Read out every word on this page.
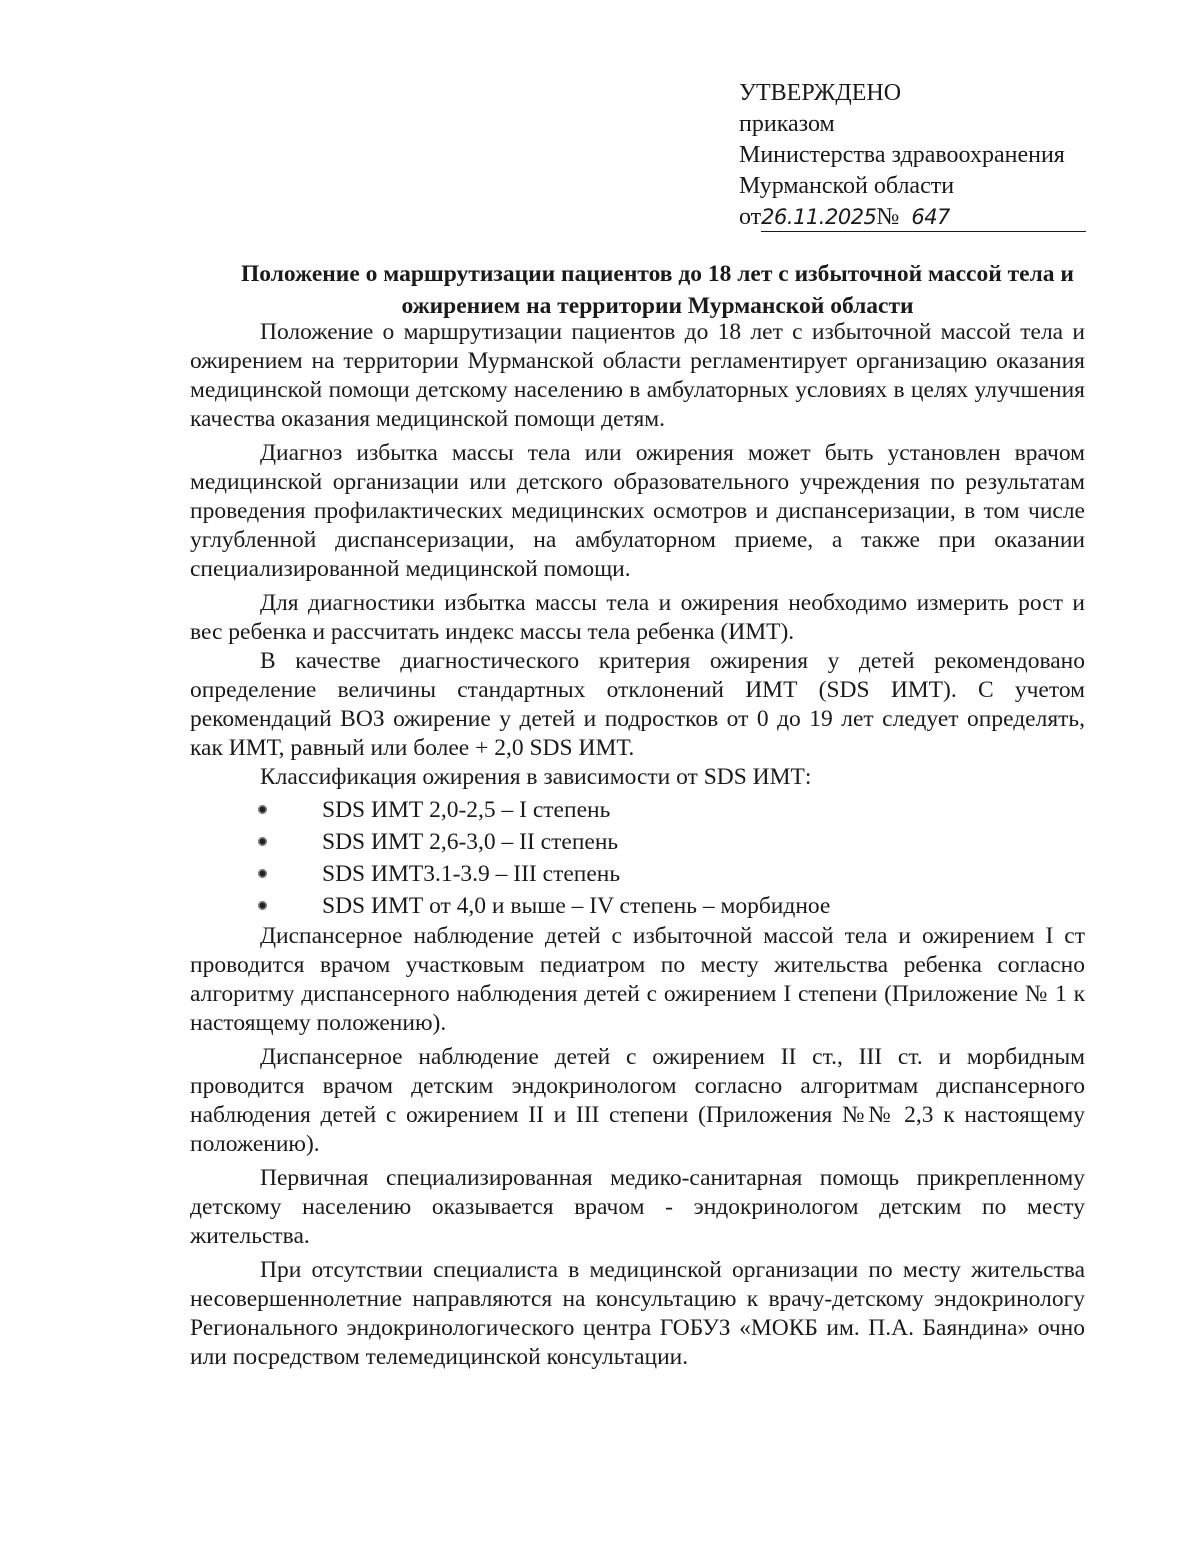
УТВЕРЖДЕНО
приказом
Министерства здравоохранения
Мурманской области
от26.11.2025№ 647
Положение о маршрутизации пациентов до 18 лет с избыточной массой тела и ожирением на территории Мурманской области

Положение о маршрутизации пациентов до 18 лет с избыточной массой тела и ожирением на территории Мурманской области регламентирует организацию оказания медицинской помощи детскому населению в амбулаторных условиях в целях улучшения качества оказания медицинской помощи детям.

Диагноз избытка массы тела или ожирения может быть установлен врачом медицинской организации или детского образовательного учреждения по результатам проведения профилактических медицинских осмотров и диспансеризации, в том числе углубленной диспансеризации, на амбулаторном приеме, а также при оказании специализированной медицинской помощи.

Для диагностики избытка массы тела и ожирения необходимо измерить рост и вес ребенка и рассчитать индекс массы тела ребенка (ИМТ).

В качестве диагностического критерия ожирения у детей рекомендовано определение величины стандартных отклонений ИМТ (SDS ИМТ). С учетом рекомендаций ВОЗ ожирение у детей и подростков от 0 до 19 лет следует определять, как ИМТ, равный или более + 2,0 SDS ИМТ.

Классификация ожирения в зависимости от SDS ИМТ:

SDS ИМТ 2,0-2,5 – I степень
SDS ИМТ 2,6-3,0 – II степень
SDS ИМТ3.1-3.9 – III степень
SDS ИМТ от 4,0 и выше – IV степень – морбидное

Диспансерное наблюдение детей с избыточной массой тела и ожирением I ст проводится врачом участковым педиатром по месту жительства ребенка согласно алгоритму диспансерного наблюдения детей с ожирением I степени (Приложение № 1 к настоящему положению).

Диспансерное наблюдение детей с ожирением II ст., III ст. и морбидным проводится врачом детским эндокринологом согласно алгоритмам диспансерного наблюдения детей с ожирением II и III степени (Приложения №№ 2,3 к настоящему положению).

Первичная специализированная медико-санитарная помощь прикрепленному детскому населению оказывается врачом - эндокринологом детским по месту жительства.

При отсутствии специалиста в медицинской организации по месту жительства несовершеннолетние направляются на консультацию к врачу-детскому эндокринологу Регионального эндокринологического центра ГОБУЗ «МОКБ им. П.А. Баяндина» очно или посредством телемедицинской консультации.
